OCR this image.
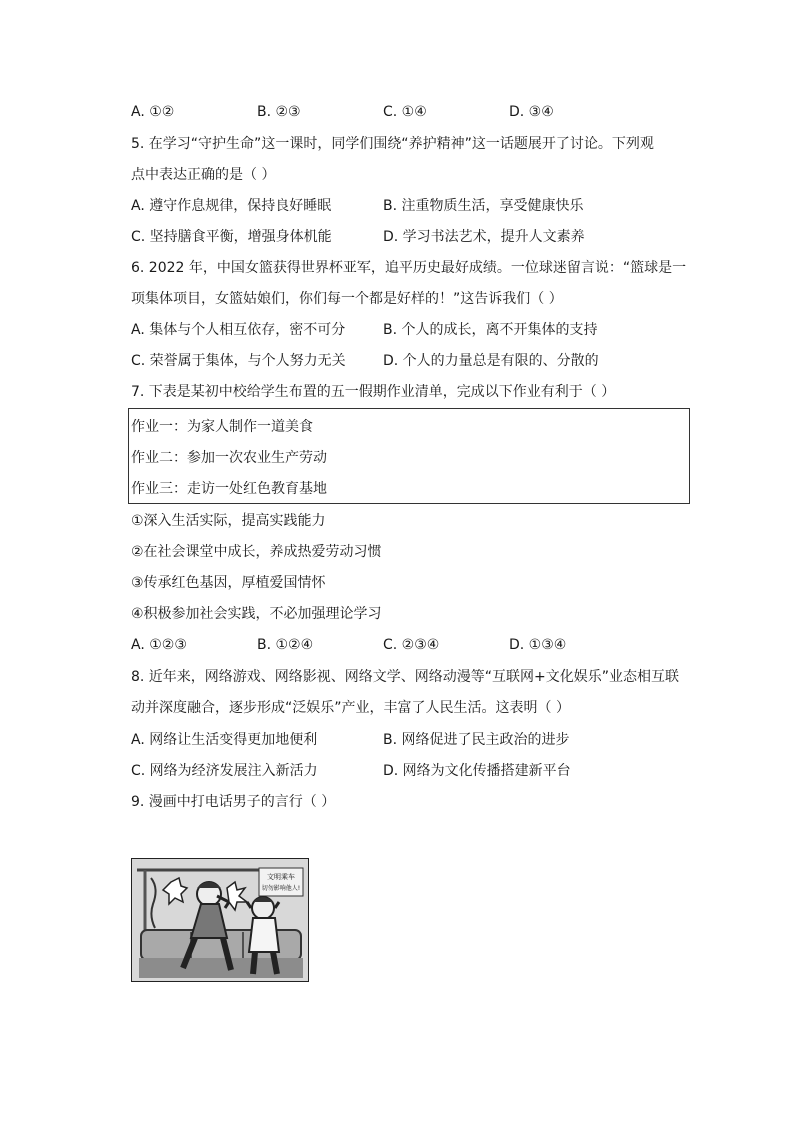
A. ①②	B. ②③	C. ①④	D. ③④
5. 在学习“守护生命”这一课时，同学们围绕“养护精神”这一话题展开了讨论。下列观
点中表达正确的是（ ）
A. 遵守作息规律，保持良好睡眠	B. 注重物质生活，享受健康快乐
C. 坚持膳食平衡，增强身体机能	D. 学习书法艺术，提升人文素养
6. 2022 年，中国女篮获得世界杯亚军，追平历史最好成绩。一位球迷留言说：“篮球是一
项集体项目，女篮姑娘们，你们每一个都是好样的！”这告诉我们（ ）
A. 集体与个人相互依存，密不可分	B. 个人的成长，离不开集体的支持
C. 荣誉属于集体，与个人努力无关	D. 个人的力量总是有限的、分散的
7. 下表是某初中校给学生布置的五一假期作业清单，完成以下作业有利于（ ）
作业一：为家人制作一道美食
作业二：参加一次农业生产劳动
作业三：走访一处红色教育基地
①深入生活实际，提高实践能力
②在社会课堂中成长，养成热爱劳动习惯
③传承红色基因，厚植爱国情怀
④积极参加社会实践，不必加强理论学习
A. ①②③	B. ①②④	C. ②③④	D. ①③④
8. 近年来，网络游戏、网络影视、网络文学、网络动漫等“互联网+文化娱乐”业态相互联
动并深度融合，逐步形成“泛娱乐”产业，丰富了人民生活。这表明（ ）
A. 网络让生活变得更加地便利	B. 网络促进了民主政治的进步
C. 网络为经济发展注入新活力	D. 网络为文化传播搭建新平台
9. 漫画中打电话男子的言行（ ）
文明乘车
切勿影响他人!
